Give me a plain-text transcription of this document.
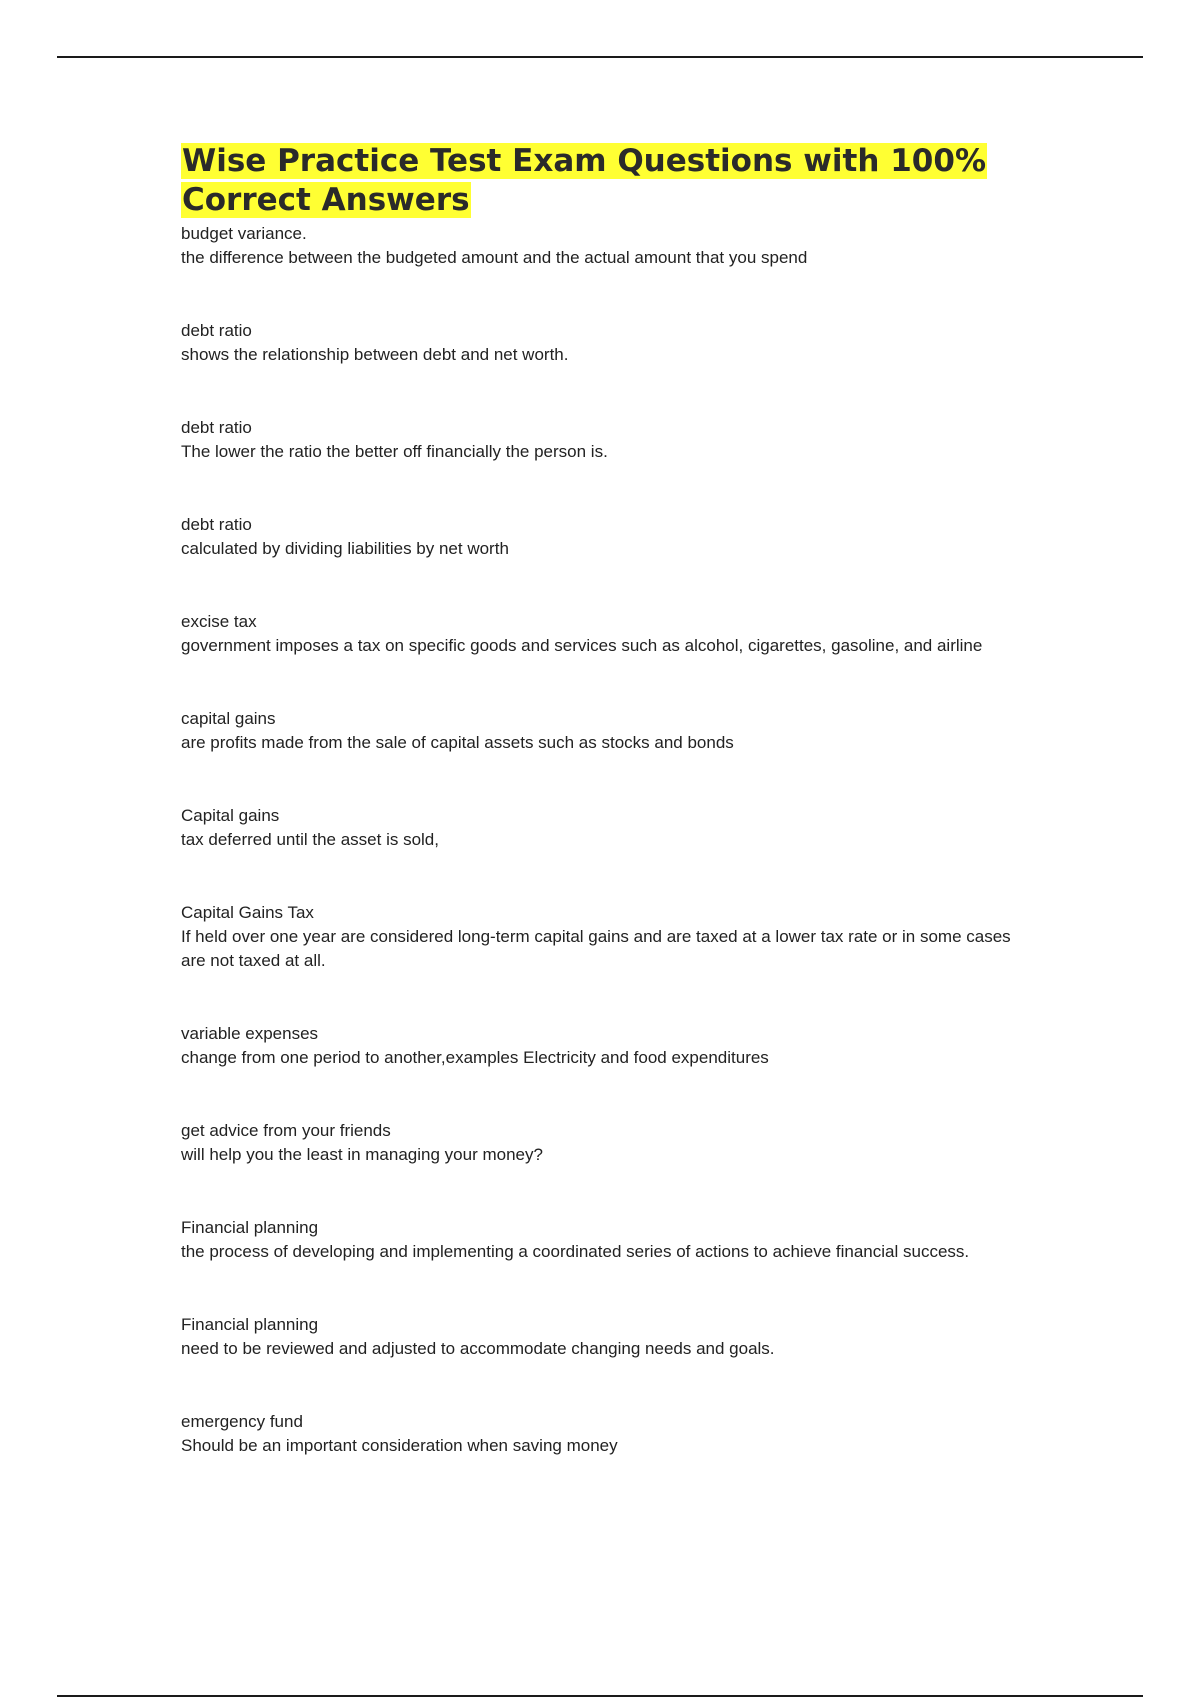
Wise Practice Test Exam Questions with 100% Correct Answers
budget variance.
the difference between the budgeted amount and the actual amount that you spend
debt ratio
shows the relationship between debt and net worth.
debt ratio
The lower the ratio the better off financially the person is.
debt ratio
calculated by dividing liabilities by net worth
excise tax
government imposes a tax on specific goods and services such as alcohol, cigarettes, gasoline, and airline
capital gains
are profits made from the sale of capital assets such as stocks and bonds
Capital gains
tax deferred until the asset is sold,
Capital Gains Tax
If held over one year are considered long-term capital gains and are taxed at a lower tax rate or in some cases are not taxed at all.
variable expenses
change from one period to another,examples Electricity and food expenditures
get advice from your friends
will help you the least in managing your money?
Financial planning
the process of developing and implementing a coordinated series of actions to achieve financial success.
Financial planning
need to be reviewed and adjusted to accommodate changing needs and goals.
emergency fund
Should be an important consideration when saving money
